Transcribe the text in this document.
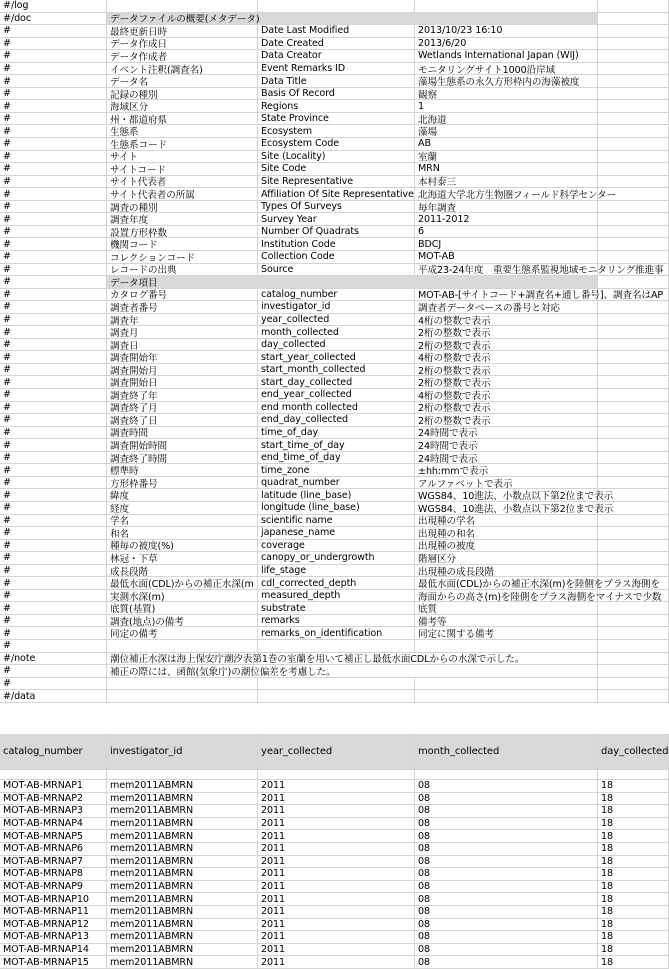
#/log
#/doc	データファイルの概要(メタデータ)
#	最終更新日時	Date Last Modified	2013/10/23 16:10
#	データ作成日	Date Created	2013/6/20
#	データ作成者	Data Creator	Wetlands International Japan (WIJ)
#	イベント注釈(調査名)	Event Remarks ID	モニタリングサイト1000沿岸域
#	データ名	Data Title	藻場生態系の永久方形枠内の海藻被度
#	記録の種別	Basis Of Record	観察
#	海域区分	Regions	1
#	州・都道府県	State Province	北海道
#	生態系	Ecosystem	藻場
#	生態系コード	Ecosystem Code	AB
#	サイト	Site (Locality)	室蘭
#	サイトコード	Site Code	MRN
#	サイト代表者	Site Representative	本村泰三
#	サイト代表者の所属	Affiliation Of Site Representative 北海道大学北方生物圏フィールド科学センター
#	調査の種別	Types Of Surveys	毎年調査
#	調査年度	Survey Year	2011-2012
#	設置方形枠数	Number Of Quadrats	6
#	機関コード	Institution Code	BDCJ
#	コレクションコード	Collection Code	MOT-AB
#	レコードの出典	Source	平成23-24年度　重要生態系監視地域モニタリング推進事
#	データ項目
#	カタログ番号	catalog_number	MOT-AB-[サイトコード+調査名+通し番号]、調査名はAP
#	調査者番号	investigator_id	調査者データベースの番号と対応
#	調査年	year_collected	4桁の整数で表示
#	調査月	month_collected	2桁の整数で表示
#	調査日	day_collected	2桁の整数で表示
#	調査開始年	start_year_collected	4桁の整数で表示
#	調査開始月	start_month_collected	2桁の整数で表示
#	調査開始日	start_day_collected	2桁の整数で表示
#	調査終了年	end_year_collected	4桁の整数で表示
#	調査終了月	end month collected	2桁の整数で表示
#	調査終了日	end_day_collected	2桁の整数で表示
#	調査時間	time_of_day	24時間で表示
#	調査開始時間	start_time_of_day	24時間で表示
#	調査終了時間	end_time_of_day	24時間で表示
#	標準時	time_zone	±hh:mmで表示
#	方形枠番号	quadrat_number	アルファベットで表示
#	緯度	latitude (line_base)	WGS84、10進法、小数点以下第2位まで表示
#	経度	longitude (line_base)	WGS84、10進法、小数点以下第2位まで表示
#	学名	scientific name	出現種の学名
#	和名	japanese_name	出現種の和名
#	種毎の被度(%)	coverage	出現種の被度
#	林冠・下草	canopy_or_undergrowth	階層区分
#	成長段階	life_stage	出現種の成長段階
#	最低水面(CDL)からの補正水深(m cdl_corrected_depth	最低水面(CDL)からの補正水深(m)を陸側をプラス海側を
#	実測水深(m)	measured_depth	海面からの高さ(m)を陸側をプラス海側をマイナスで少数
#	底質(基質)	substrate	底質
#	調査(地点)の備考	remarks	備考等
#	同定の備考	remarks_on_identification	同定に関する備考
#
#/note	潮位補正水深は海上保安庁潮汐表第1巻の室蘭を用いて補正し最低水面CDLからの水深で示した。
#	補正の際には、函館(気象庁)の潮位偏差を考慮した。
#
#/data
catalog_number	investigator_id	year_collected	month_collected	day_collected
MOT-AB-MRNAP1	mem2011ABMRN	2011	08	18
MOT-AB-MRNAP2	mem2011ABMRN	2011	08	18
MOT-AB-MRNAP3	mem2011ABMRN	2011	08	18
MOT-AB-MRNAP4	mem2011ABMRN	2011	08	18
MOT-AB-MRNAP5	mem2011ABMRN	2011	08	18
MOT-AB-MRNAP6	mem2011ABMRN	2011	08	18
MOT-AB-MRNAP7	mem2011ABMRN	2011	08	18
MOT-AB-MRNAP8	mem2011ABMRN	2011	08	18
MOT-AB-MRNAP9	mem2011ABMRN	2011	08	18
MOT-AB-MRNAP10	mem2011ABMRN	2011	08	18
MOT-AB-MRNAP11	mem2011ABMRN	2011	08	18
MOT-AB-MRNAP12	mem2011ABMRN	2011	08	18
MOT-AB-MRNAP13	mem2011ABMRN	2011	08	18
MOT-AB-MRNAP14	mem2011ABMRN	2011	08	18
MOT-AB-MRNAP15	mem2011ABMRN	2011	08	18
